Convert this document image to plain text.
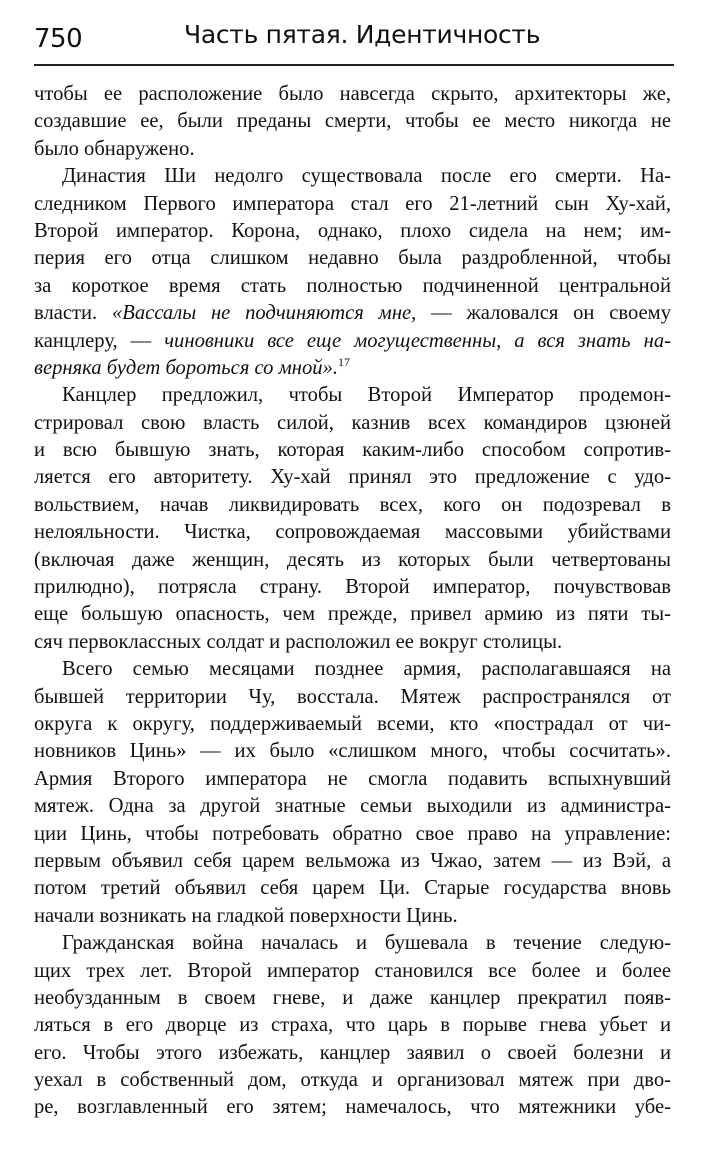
750	Часть пятая. Идентичность
чтобы ее расположение было навсегда скрыто, архитекторы же,
создавшие ее, были преданы смерти, чтобы ее место никогда не
было обнаружено.
Династия Ши недолго существовала после его смерти. На-
следником Первого императора стал его 21-летний сын Ху-хай,
Второй император. Корона, однако, плохо сидела на нем; им-
перия его отца слишком недавно была раздробленной, чтобы
за короткое время стать полностью подчиненной центральной
власти. «Вассалы не подчиняются мне, — жаловался он своему
канцлеру, — чиновники все еще могущественны, а вся знать на-
верняка будет бороться со мной».$^{17}$
Канцлер предложил, чтобы Второй Император продемон-
стрировал свою власть силой, казнив всех командиров цзюней
и всю бывшую знать, которая каким-либо способом сопротив-
ляется его авторитету. Ху-хай принял это предложение с удо-
вольствием, начав ликвидировать всех, кого он подозревал в
нелояльности. Чистка, сопровождаемая массовыми убийствами
(включая даже женщин, десять из которых были четвертованы
прилюдно), потрясла страну. Второй император, почувствовав
еще большую опасность, чем прежде, привел армию из пяти ты-
сяч первоклассных солдат и расположил ее вокруг столицы.
Всего семью месяцами позднее армия, располагавшаяся на
бывшей территории Чу, восстала. Мятеж распространялся от
округа к округу, поддерживаемый всеми, кто «пострадал от чи-
новников Цинь» — их было «слишком много, чтобы сосчитать».
Армия Второго императора не смогла подавить вспыхнувший
мятеж. Одна за другой знатные семьи выходили из администра-
ции Цинь, чтобы потребовать обратно свое право на управление:
первым объявил себя царем вельможа из Чжао, затем — из Вэй, а
потом третий объявил себя царем Ци. Старые государства вновь
начали возникать на гладкой поверхности Цинь.
Гражданская война началась и бушевала в течение следую-
щих трех лет. Второй император становился все более и более
необузданным в своем гневе, и даже канцлер прекратил появ-
ляться в его дворце из страха, что царь в порыве гнева убьет и
его. Чтобы этого избежать, канцлер заявил о своей болезни и
уехал в собственный дом, откуда и организовал мятеж при дво-
ре, возглавленный его зятем; намечалось, что мятежники убе-
